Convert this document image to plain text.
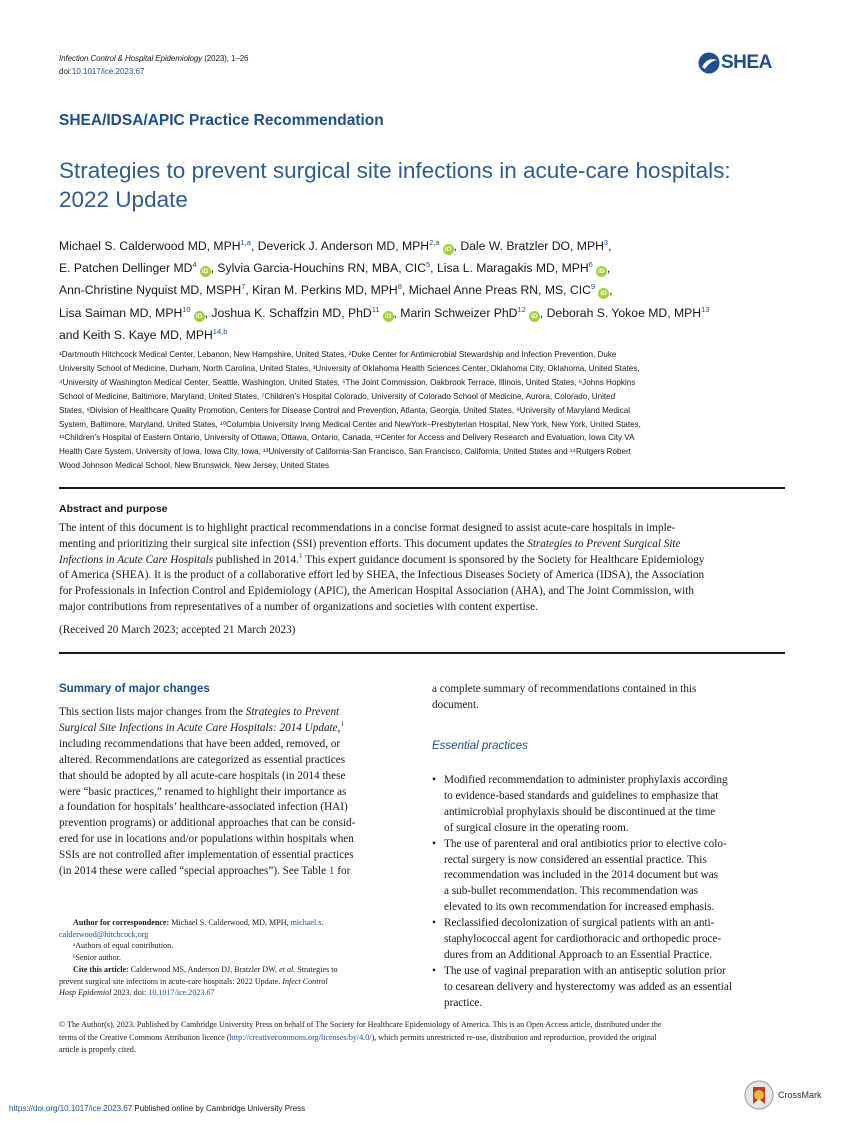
Infection Control & Hospital Epidemiology (2023), 1–26
doi:10.1017/ice.2023.67	SHEA
SHEA/IDSA/APIC Practice Recommendation
Strategies to prevent surgical site infections in acute-care hospitals:
2022 Update
Michael S. Calderwood MD, MPH$^{1,a}$, Deverick J. Anderson MD, MPH$^{2,a}$iD , Dale W. Bratzler DO, MPH$^3$,
E. Patchen Dellinger $MD^4iD$ , Sylvia Garcia-Houchins RN, MBA, CIC$^5$, Lisa L. Maragakis MD, MPH$^6$iD ,
Ann-Christine Nyquist MD, MSPH$^7$, Kiran M. Perkins MD, MPH$^8$, Michael Anne Preas RN, MS, CIC$^9$iD ,
Lisa Saiman MD, MPH$^{10}$iD , Joshua K. Schaffzin MD, PhD$^{11}$iD , Marin Schweizer PhD$^{12}$iD , Deborah S. Yokoe MD, MPH$^{13}$
and Keith S. Kaye MD, MPH$^{14,b}$
¹Dartmouth Hitchcock Medical Center, Lebanon, New Hampshire, United States, ²Duke Center for Antimicrobial Stewardship and Infection Prevention, Duke
University School of Medicine, Durham, North Carolina, United States, ³University of Oklahoma Health Sciences Center, Oklahoma City, Oklahoma, United States,
⁴University of Washington Medical Center, Seattle, Washington, United States, ⁵The Joint Commission, Oakbrook Terrace, Illinois, United States, ⁶Johns Hopkins
School of Medicine, Baltimore, Maryland, United States, ⁷Children’s Hospital Colorado, University of Colorado School of Medicine, Aurora, Colorado, United
States, ⁸Division of Healthcare Quality Promotion, Centers for Disease Control and Prevention, Atlanta, Georgia, United States, ⁹University of Maryland Medical
System, Baltimore, Maryland, United States, ¹⁰Columbia University Irving Medical Center and NewYork–Presbyterian Hospital, New York, New York, United States,
¹¹Children’s Hospital of Eastern Ontario, University of Ottawa, Ottawa, Ontario, Canada, ¹²Center for Access and Delivery Research and Evaluation, Iowa City VA
Health Care System, University of Iowa, Iowa City, Iowa, ¹³University of California-San Francisco, San Francisco, California, United States and ¹⁴Rutgers Robert
Wood Johnson Medical School, New Brunswick, New Jersey, United States
Abstract and purpose
The intent of this document is to highlight practical recommendations in a concise format designed to assist acute-care hospitals in imple-
menting and prioritizing their surgical site infection (SSI) prevention efforts. This document updates the Strategies to Prevent Surgical Site
Infections in Acute Care Hospitals published in 2014.$^1$ This expert guidance document is sponsored by the Society for Healthcare Epidemiology
of America (SHEA). It is the product of a collaborative effort led by SHEA, the Infectious Diseases Society of America (IDSA), the Association
for Professionals in Infection Control and Epidemiology (APIC), the American Hospital Association (AHA), and The Joint Commission, with
major contributions from representatives of a number of organizations and societies with content expertise.
(Received 20 March 2023; accepted 21 March 2023)
Summary of major changes
This section lists major changes from the Strategies to Prevent
Surgical Site Infections in Acute Care Hospitals: 2014 Update,$^1$
including recommendations that have been added, removed, or
altered. Recommendations are categorized as essential practices
that should be adopted by all acute-care hospitals (in 2014 these
were “basic practices,” renamed to highlight their importance as
a foundation for hospitals’ healthcare-associated infection (HAI)
prevention programs) or additional approaches that can be consid-
ered for use in locations and/or populations within hospitals when
SSIs are not controlled after implementation of essential practices
(in 2014 these were called “special approaches”). See Table 1 for
Author for correspondence: Michael S. Calderwood, MD, MPH, michael.s.
calderwood@hitchcock.org
ᵃAuthors of equal contribution.
ᵇSenior author.
Cite this article: Calderwood MS, Anderson DJ, Bratzler DW, et al. Strategies to
prevent surgical site infections in acute-care hospitals: 2022 Update. Infect Control
Hosp Epidemiol 2023. doi: 10.1017/ice.2023.67
a complete summary of recommendations contained in this
document.
Essential practices
• Modified recommendation to administer prophylaxis according
to evidence-based standards and guidelines to emphasize that
antimicrobial prophylaxis should be discontinued at the time
of surgical closure in the operating room.
• The use of parenteral and oral antibiotics prior to elective colo-
rectal surgery is now considered an essential practice. This
recommendation was included in the 2014 document but was
a sub-bullet recommendation. This recommendation was
elevated to its own recommendation for increased emphasis.
• Reclassified decolonization of surgical patients with an anti-
staphylococcal agent for cardiothoracic and orthopedic proce-
dures from an Additional Approach to an Essential Practice.
• The use of vaginal preparation with an antiseptic solution prior
to cesarean delivery and hysterectomy was added as an essential
practice.
© The Author(s), 2023. Published by Cambridge University Press on behalf of The Society for Healthcare Epidemiology of America. This is an Open Access article, distributed under the
terms of the Creative Commons Attribution licence (http://creativecommons.org/licenses/by/4.0/), which permits unrestricted re-use, distribution and reproduction, provided the original
article is properly cited.
https://doi.org/10.1017/ice.2023.67 Published online by Cambridge University Press
CrossMark
